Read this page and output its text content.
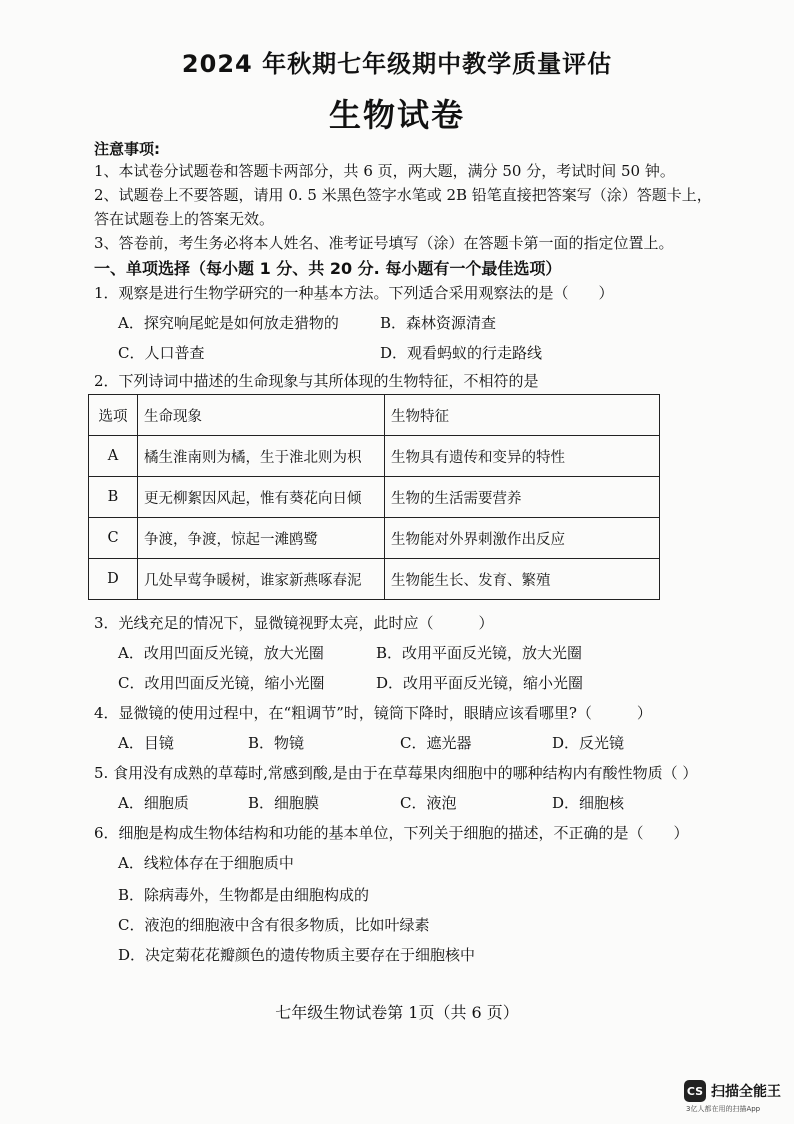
2024 年秋期七年级期中教学质量评估
生物试卷
注意事项:
1、本试卷分试题卷和答题卡两部分，共 6 页，两大题，满分 50 分，考试时间 50 钟。
2、试题卷上不要答题，请用 0. 5 米黑色签字水笔或 2B 铅笔直接把答案写（涂）答题卡上，
答在试题卷上的答案无效。
3、答卷前，考生务必将本人姓名、准考证号填写（涂）在答题卡第一面的指定位置上。
一、单项选择（每小题 1 分、共 20 分. 每小题有一个最佳选项）
1．观察是进行生物学研究的一种基本方法。下列适合采用观察法的是（　　）
A．探究响尾蛇是如何放走猎物的	B．森林资源清查
C．人口普查	D．观看蚂蚁的行走路线
2．下列诗词中描述的生命现象与其所体现的生物特征，不相符的是
选项	生命现象	生物特征
A	橘生淮南则为橘，生于淮北则为枳	生物具有遗传和变异的特性
B	更无柳絮因风起，惟有葵花向日倾	生物的生活需要营养
C	争渡，争渡，惊起一滩鸥鹭	生物能对外界刺激作出反应
D	几处早莺争暖树，谁家新燕啄春泥	生物能生长、发育、繁殖
3．光线充足的情况下，显微镜视野太亮，此时应（　　　）
A．改用凹面反光镜，放大光圈	B．改用平面反光镜，放大光圈
C．改用凹面反光镜，缩小光圈	D．改用平面反光镜，缩小光圈
4．显微镜的使用过程中，在“粗调节”时，镜筒下降时，眼睛应该看哪里?（　　　）
A．目镜	B．物镜	C．遮光器	D．反光镜
5. 食用没有成熟的草莓时,常感到酸,是由于在草莓果肉细胞中的哪种结构内有酸性物质（ ）
A．细胞质	B．细胞膜	C．液泡	D．细胞核
6．细胞是构成生物体结构和功能的基本单位，下列关于细胞的描述，不正确的是（　　）
A．线粒体存在于细胞质中
B．除病毒外，生物都是由细胞构成的
C．液泡的细胞液中含有很多物质，比如叶绿素
D．决定菊花花瓣颜色的遗传物质主要存在于细胞核中
七年级生物试卷第 1页（共 6 页）
CS 扫描全能王
3亿人都在用的扫描App
